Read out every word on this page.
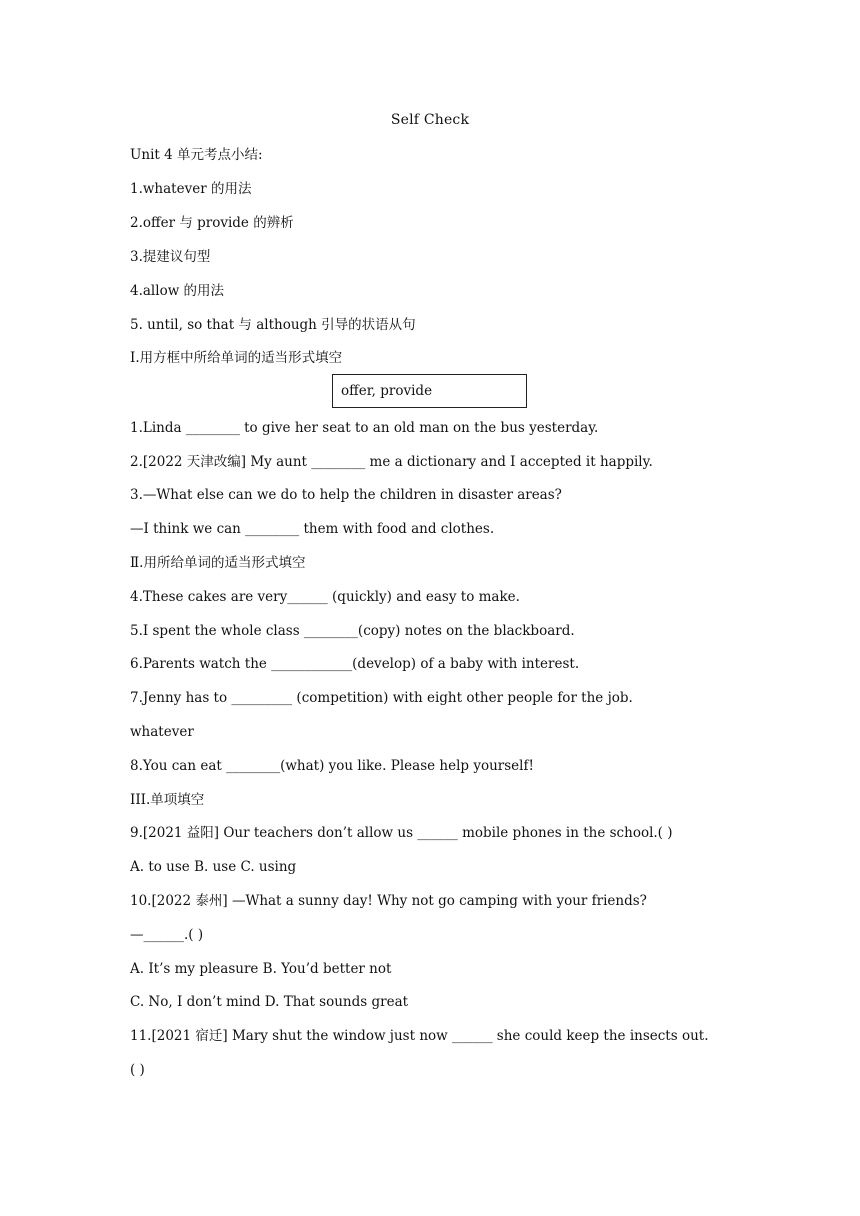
Self Check
Unit 4 单元考点小结:
1.whatever 的用法
2.offer 与 provide 的辨析
3.提建议句型
4.allow 的用法
5. until, so that 与 although 引导的状语从句
Ⅰ.用方框中所给单词的适当形式填空
offer, provide
1.Linda ________ to give her seat to an old man on the bus yesterday.
2.[2022 天津改编] My aunt ________ me a dictionary and I accepted it happily.
3.—What else can we do to help the children in disaster areas?
—I think we can ________ them with food and clothes.
Ⅱ.用所给单词的适当形式填空
4.These cakes are very______ (quickly) and easy to make.
5.I spent the whole class ________(copy) notes on the blackboard.
6.Parents watch the ____________(develop) of a baby with interest.
7.Jenny has to _________ (competition) with eight other people for the job.
whatever
8.You can eat ________(what) you like. Please help yourself!
III.单项填空
9.[2021 益阳] Our teachers don’t allow us ______ mobile phones in the school.( )
A. to use B. use C. using
10.[2022 泰州] —What a sunny day! Why not go camping with your friends?
—______.( )
A. It’s my pleasure B. You’d better not
C. No, I don’t mind D. That sounds great
11.[2021 宿迁] Mary shut the window just now ______ she could keep the insects out.
( )
